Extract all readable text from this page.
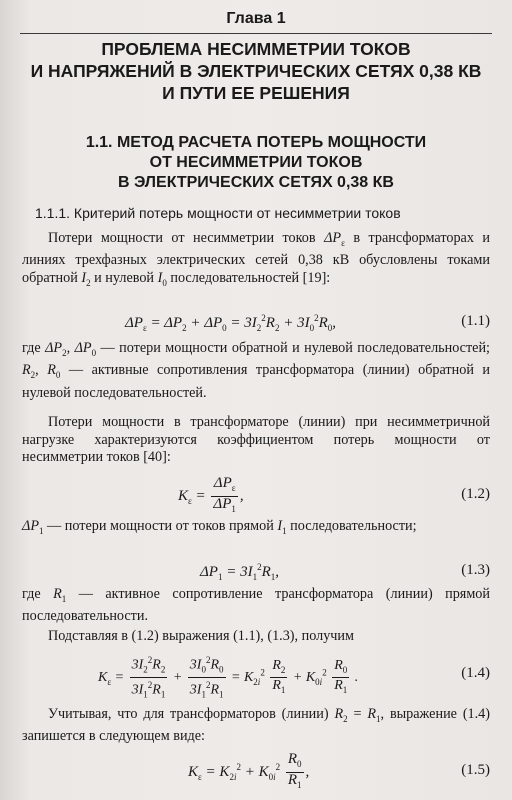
Глава 1
ПРОБЛЕМА НЕСИММЕТРИИ ТОКОВ
И НАПРЯЖЕНИЙ В ЭЛЕКТРИЧЕСКИХ СЕТЯХ 0,38 КВ
И ПУТИ ЕЕ РЕШЕНИЯ
1.1. МЕТОД РАСЧЕТА ПОТЕРЬ МОЩНОСТИ
ОТ НЕСИММЕТРИИ ТОКОВ
В ЭЛЕКТРИЧЕСКИХ СЕТЯХ 0,38 КВ
1.1.1. Критерий потерь мощности от несимметрии токов
Потери мощности от несимметрии токов $\Delta P_\varepsilon$ в трансформаторах и линиях трехфазных электрических сетей 0,38 кВ обусловлены токами обратной $I_2$ и нулевой $I_0$ последовательностей [19]:
$\Delta P_\varepsilon = \Delta P_2 + \Delta P_0 = 3I_2^2R_2 + 3I_0^2R_0$,	(1.1)
где $\Delta P_2$, $\Delta P_0$ — потери мощности обратной и нулевой последовательностей; $R_2$, $R_0$ — активные сопротивления трансформатора (линии) обратной и нулевой последовательностей.
Потери мощности в трансформаторе (линии) при несимметричной нагрузке характеризуются коэффициентом потерь мощности от несимметрии токов [40]:
$K_\varepsilon = \frac{\Delta P_\varepsilon}{\Delta P_1}$ ,	(1.2)
$\Delta P_1$ — потери мощности от токов прямой $I_1$ последовательности;
$\Delta P_1 = 3I_1^2R_1$,	(1.3)
где $R_1$ — активное сопротивление трансформатора (линии) прямой последовательности.
Подставляя в (1.2) выражения (1.1), (1.3), получим
$K_\varepsilon = \frac{3I_2^2R_2}{3I_1^2R_1} + \frac{3I_0^2R_0}{3I_1^2R_1} = K_{2i}^2 \frac{R_2}{R_1} + K_{0i}^2 \frac{R_0}{R_1}$ .	(1.4)
Учитывая, что для трансформаторов (линии) $R_2 = R_1$, выражение (1.4) запишется в следующем виде:
$K_\varepsilon = K_{2i}^2 + K_{0i}^2 \frac{R_0}{R_1}$ ,	(1.5)
